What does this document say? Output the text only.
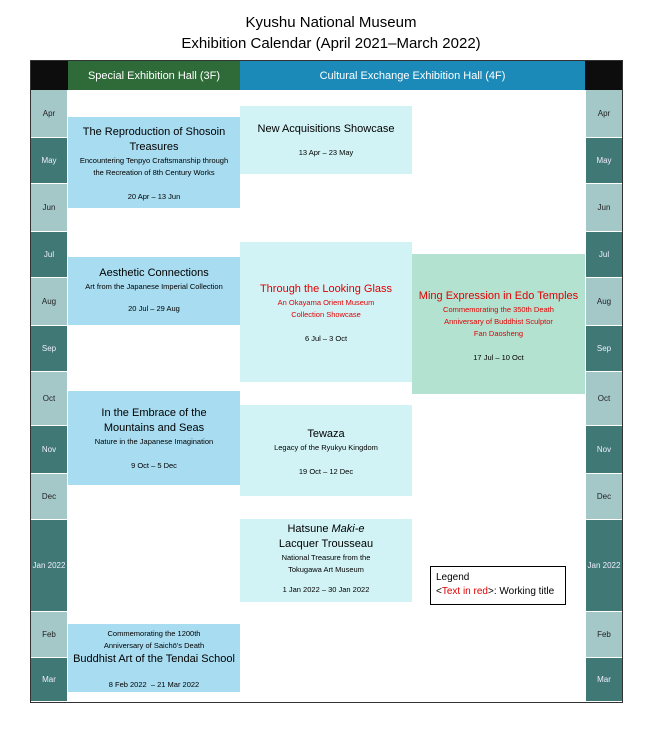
Kyushu National Museum
Exhibition Calendar (April 2021–March 2022)
Special Exhibition Hall (3F)	Cultural Exchange Exhibition Hall (4F)
Apr
May
Jun
Jul
Aug
Sep
Oct
Nov
Dec
Jan 2022
Feb
Mar
Apr
May
Jun
Jul
Aug
Sep
Oct
Nov
Dec
Jan 2022
Feb
Mar
The Reproduction of Shosoin Treasures
Encountering Tenpyo Craftsmanship through the Recreation of 8th Century Works
20 Apr – 13 Jun
Aesthetic Connections
Art from the Japanese Imperial Collection
20 Jul – 29 Aug
In the Embrace of the Mountains and Seas
Nature in the Japanese Imagination
9 Oct – 5 Dec
Commemorating the 1200th Anniversary of Saichō’s Death
Buddhist Art of the Tendai School
8 Feb 2022  – 21 Mar 2022
New Acquisitions Showcase
13 Apr – 23 May
Through the Looking Glass
An Okayama Orient Museum Collection Showcase
6 Jul – 3 Oct
Tewaza
Legacy of the Ryukyu Kingdom
19 Oct – 12 Dec
Hatsune Maki-e
Lacquer Trousseau
National Treasure from the Tokugawa Art Museum
1 Jan 2022 – 30 Jan 2022
Ming Expression in Edo Temples
Commemorating the 350th Death Anniversary of Buddhist Sculptor Fan Daosheng
17 Jul – 10 Oct
Legend
<Text in red>: Working title
